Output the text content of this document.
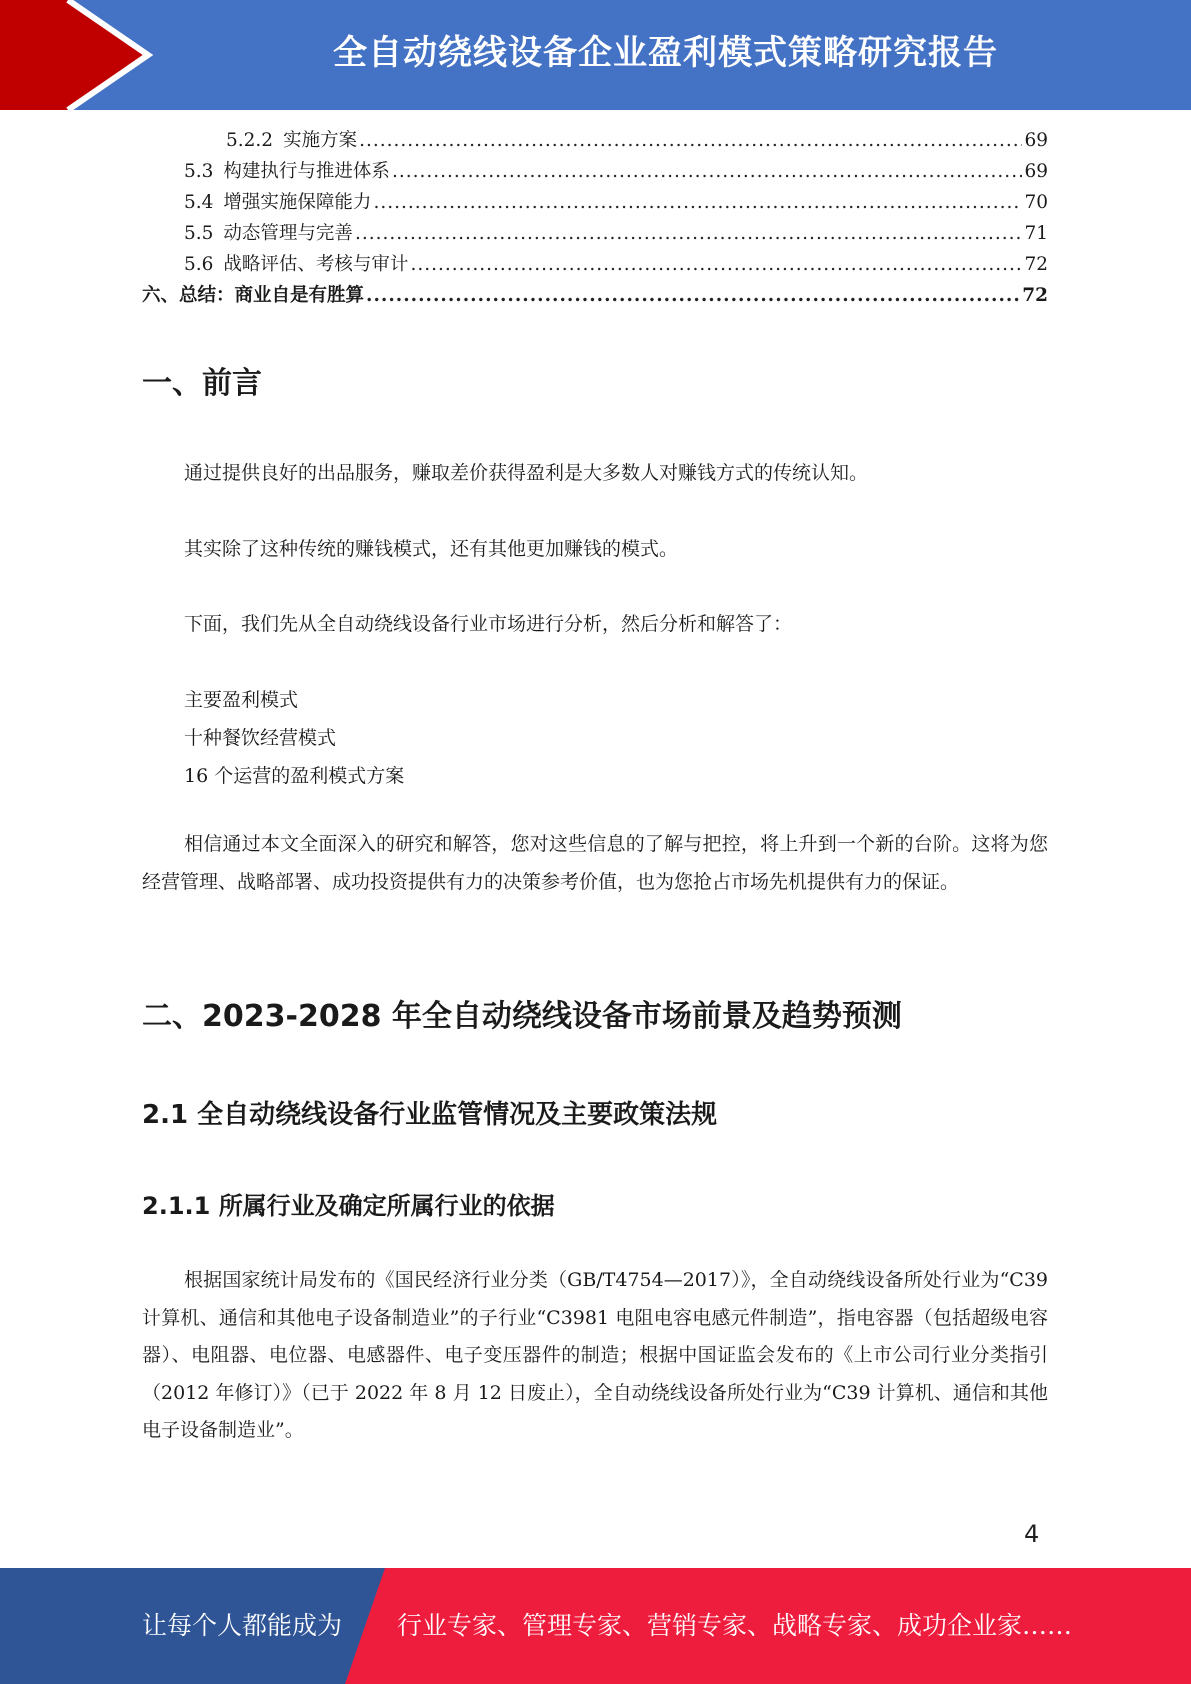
全自动绕线设备企业盈利模式策略研究报告
5.2.2 实施方案 .....	69
5.3 构建执行与推进体系 .....	69
5.4 增强实施保障能力 .....	70
5.5 动态管理与完善 .....	71
5.6 战略评估、考核与审计 .....	72
六、总结：商业自是有胜算 .....	72
一、前言
通过提供良好的出品服务，赚取差价获得盈利是大多数人对赚钱方式的传统认知。
其实除了这种传统的赚钱模式，还有其他更加赚钱的模式。
下面，我们先从全自动绕线设备行业市场进行分析，然后分析和解答了：
主要盈利模式
十种餐饮经营模式
16 个运营的盈利模式方案
相信通过本文全面深入的研究和解答，您对这些信息的了解与把控，将上升到一个新的台阶。这将为您经营管理、战略部署、成功投资提供有力的决策参考价值，也为您抢占市场先机提供有力的保证。
二、2023-2028 年全自动绕线设备市场前景及趋势预测
2.1 全自动绕线设备行业监管情况及主要政策法规
2.1.1 所属行业及确定所属行业的依据
根据国家统计局发布的《国民经济行业分类（GB/T4754—2017）》，全自动绕线设备所处行业为“C39 计算机、通信和其他电子设备制造业”的子行业“C3981 电阻电容电感元件制造”，指电容器（包括超级电容器）、电阻器、电位器、电感器件、电子变压器件的制造；根据中国证监会发布的《上市公司行业分类指引（2012 年修订）》（已于 2022 年 8 月 12 日废止），全自动绕线设备所处行业为“C39 计算机、通信和其他电子设备制造业”。
4
让每个人都能成为 行业专家、管理专家、营销专家、战略专家、成功企业家……
